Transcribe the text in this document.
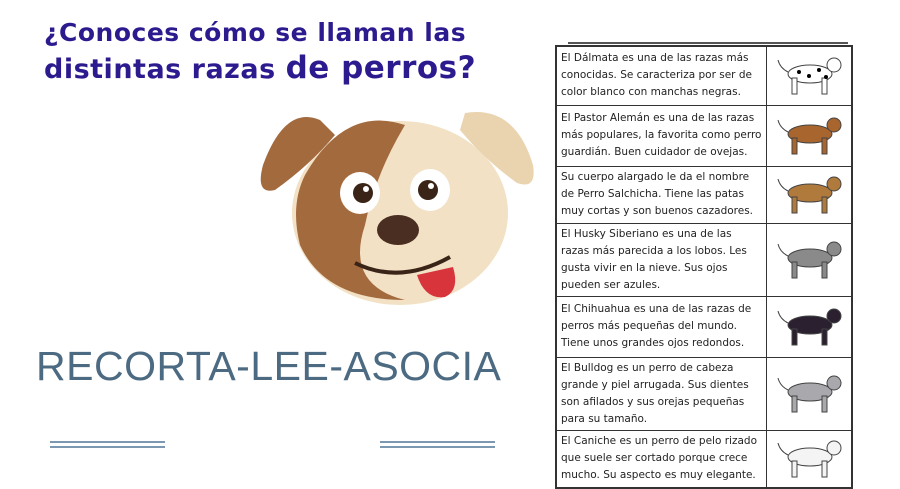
¿Conoces cómo se llaman las
distintas razas de perros?
RECORTA-LEE-ASOCIA
El Dálmata es una de las razas más conocidas. Se caracteriza por ser de color blanco con manchas negras.	
El Pastor Alemán es una de las razas más populares, la favorita como perro guardián. Buen cuidador de ovejas.	
Su cuerpo alargado le da el nombre de Perro Salchicha. Tiene las patas muy cortas y son buenos cazadores.	
El Husky Siberiano es una de las razas más parecida a los lobos. Les gusta vivir en la nieve. Sus ojos pueden ser azules.	
El Chihuahua es una de las razas de perros más pequeñas del mundo. Tiene unos grandes ojos redondos.	
El Bulldog es un perro de cabeza grande y piel arrugada. Sus dientes son afilados y sus orejas pequeñas para su tamaño.	
El Caniche es un perro de pelo rizado que suele ser cortado porque crece mucho. Su aspecto es muy elegante.	
